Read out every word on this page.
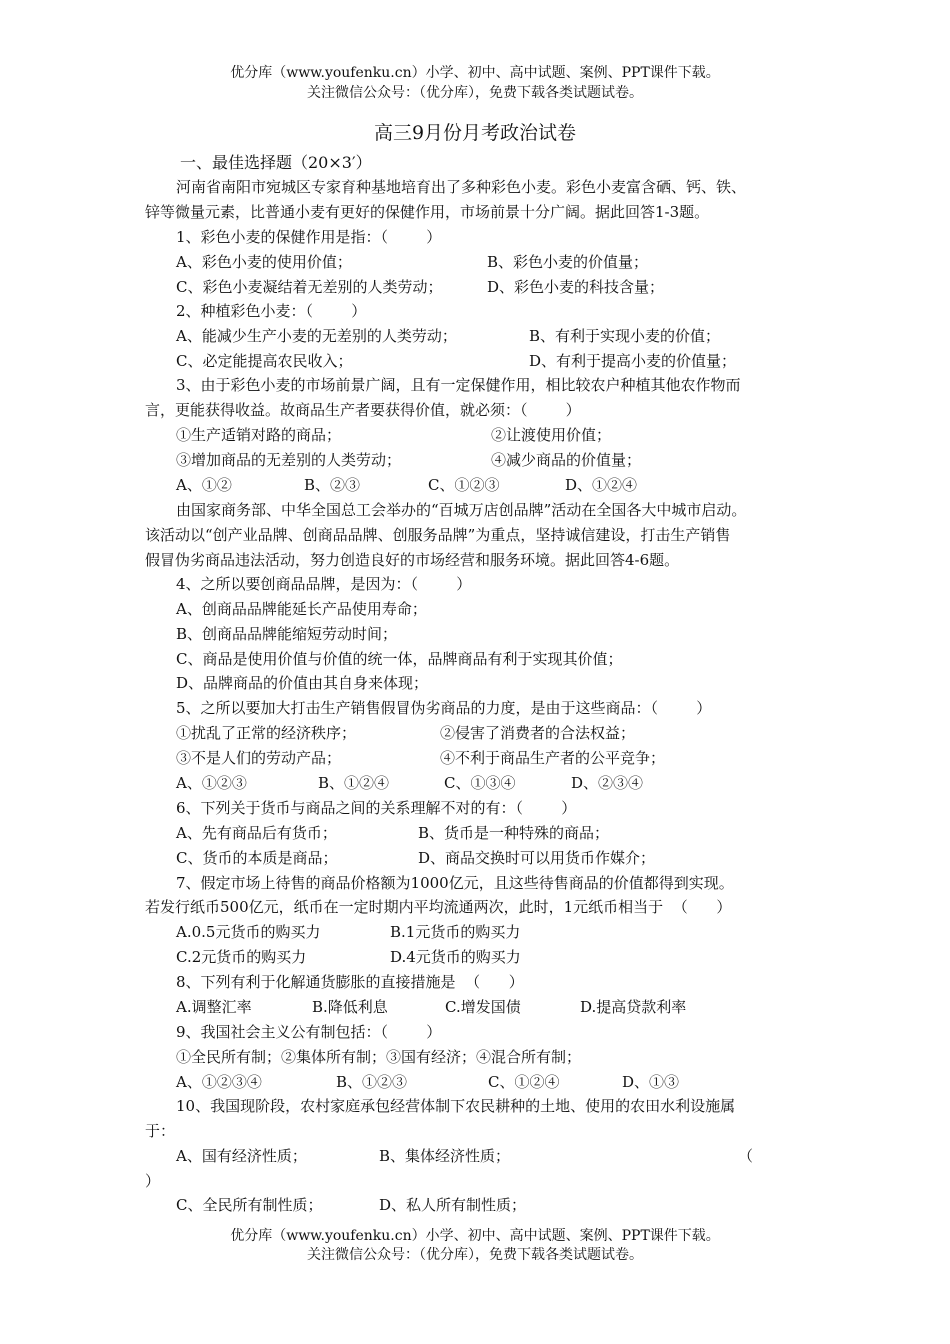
优分库（www.youfenku.cn）小学、初中、高中试题、案例、PPT课件下载。
关注微信公众号：（优分库），免费下载各类试题试卷。
高三9月份月考政治试卷
一、最佳选择题（20×3′）
河南省南阳市宛城区专家育种基地培育出了多种彩色小麦。彩色小麦富含硒、钙、铁、
锌等微量元素，比普通小麦有更好的保健作用，市场前景十分广阔。据此回答1-3题。
1、彩色小麦的保健作用是指：（        ）
A、彩色小麦的使用价值；	B、彩色小麦的价值量；
C、彩色小麦凝结着无差别的人类劳动；	D、彩色小麦的科技含量；
2、种植彩色小麦：（        ）
A、能减少生产小麦的无差别的人类劳动；	B、有利于实现小麦的价值；
C、必定能提高农民收入；	D、有利于提高小麦的价值量；
3、由于彩色小麦的市场前景广阔，且有一定保健作用，相比较农户种植其他农作物而
言，更能获得收益。故商品生产者要获得价值，就必须：（        ）
①生产适销对路的商品；	②让渡使用价值；
③增加商品的无差别的人类劳动；	④减少商品的价值量；
A、①②	B、②③	C、①②③	D、①②④
由国家商务部、中华全国总工会举办的“百城万店创品牌”活动在全国各大中城市启动。
该活动以“创产业品牌、创商品品牌、创服务品牌”为重点，坚持诚信建设，打击生产销售
假冒伪劣商品违法活动，努力创造良好的市场经营和服务环境。据此回答4-6题。
4、之所以要创商品品牌，是因为：（        ）
A、创商品品牌能延长产品使用寿命；
B、创商品品牌能缩短劳动时间；
C、商品是使用价值与价值的统一体，品牌商品有利于实现其价值；
D、品牌商品的价值由其自身来体现；
5、之所以要加大打击生产销售假冒伪劣商品的力度，是由于这些商品：（        ）
①扰乱了正常的经济秩序；	②侵害了消费者的合法权益；
③不是人们的劳动产品；	④不利于商品生产者的公平竞争；
A、①②③	B、①②④	C、①③④	D、②③④
6、下列关于货币与商品之间的关系理解不对的有：（        ）
A、先有商品后有货币；	B、货币是一种特殊的商品；
C、货币的本质是商品；	D、商品交换时可以用货币作媒介；
7、假定市场上待售的商品价格额为1000亿元，且这些待售商品的价值都得到实现。
若发行纸币500亿元，纸币在一定时期内平均流通两次，此时，1元纸币相当于  （      ）
A.0.5元货币的购买力	B.1元货币的购买力
C.2元货币的购买力	D.4元货币的购买力
8、下列有利于化解通货膨胀的直接措施是  （      ）
A.调整汇率	B.降低利息	C.增发国债	D.提高贷款利率
9、我国社会主义公有制包括：（        ）
①全民所有制；②集体所有制；③国有经济；④混合所有制；
A、①②③④	B、①②③	C、①②④	D、①③
10、我国现阶段，农村家庭承包经营体制下农民耕种的土地、使用的农田水利设施属
于：
A、国有经济性质；	B、集体经济性质；	（
）
C、全民所有制性质；	D、私人所有制性质；
优分库（www.youfenku.cn）小学、初中、高中试题、案例、PPT课件下载。
关注微信公众号：（优分库），免费下载各类试题试卷。
